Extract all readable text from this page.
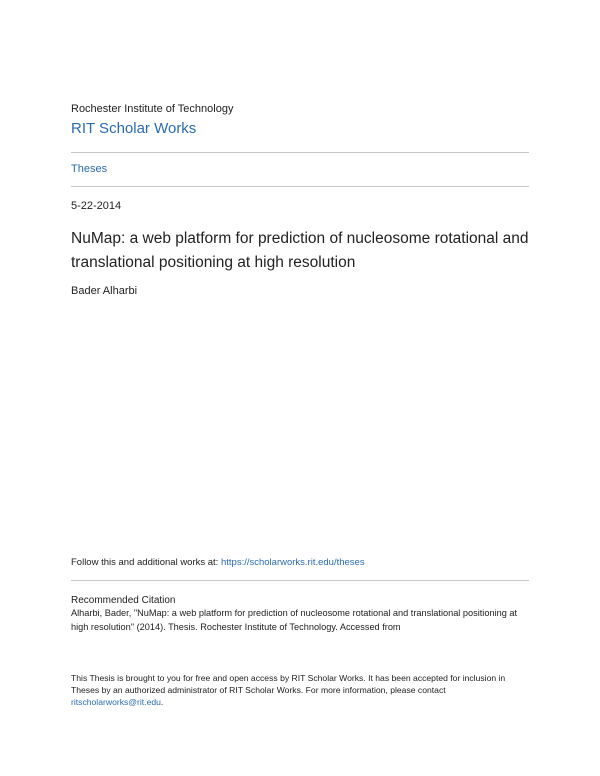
Rochester Institute of Technology
RIT Scholar Works
Theses
5-22-2014
NuMap: a web platform for prediction of nucleosome rotational and translational positioning at high resolution
Bader Alharbi
Follow this and additional works at: https://scholarworks.rit.edu/theses
Recommended Citation
Alharbi, Bader, "NuMap: a web platform for prediction of nucleosome rotational and translational positioning at high resolution" (2014). Thesis. Rochester Institute of Technology. Accessed from
This Thesis is brought to you for free and open access by RIT Scholar Works. It has been accepted for inclusion in Theses by an authorized administrator of RIT Scholar Works. For more information, please contact
ritscholarworks@rit.edu.
